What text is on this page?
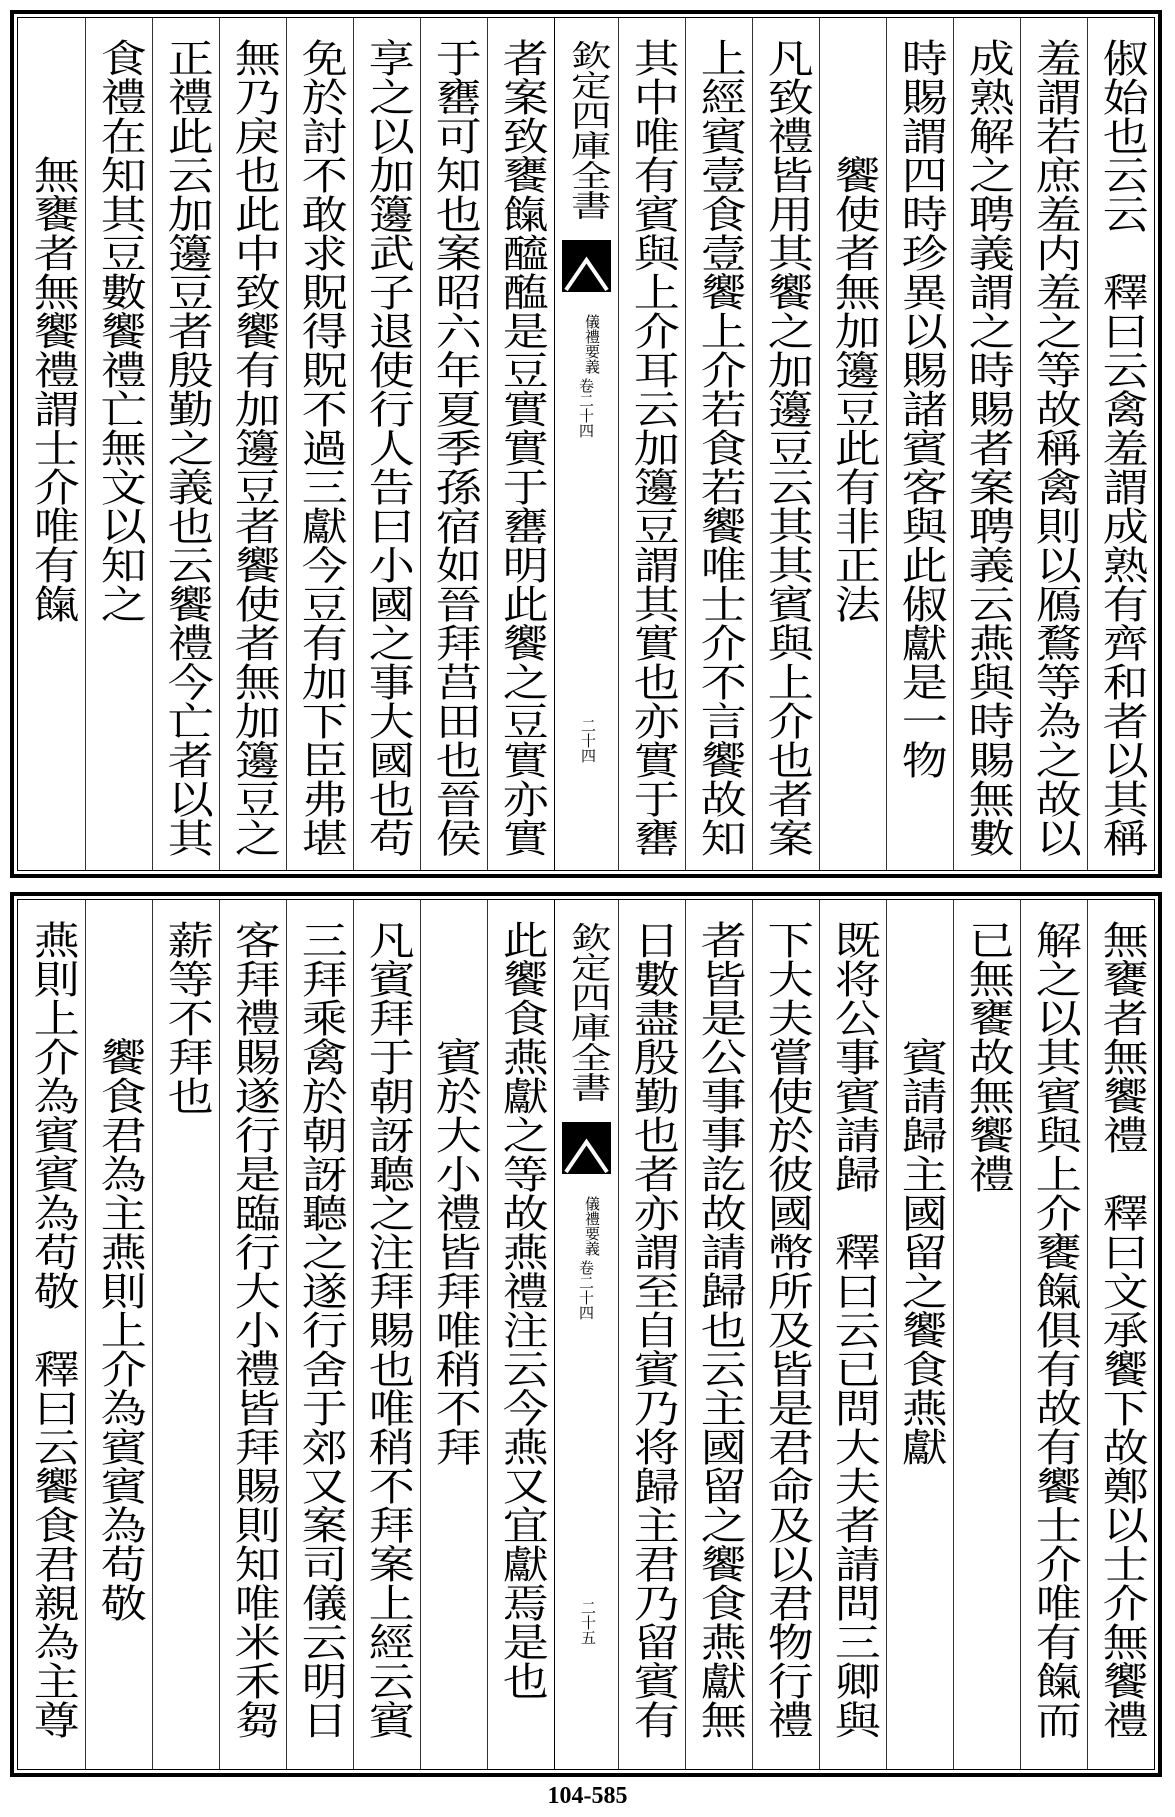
俶始也云云　釋曰云禽羞謂成熟有齊和者以其稱
羞謂若庶羞内羞之等故稱禽則以鴈鶩等為之故以
成熟解之聘義謂之時賜者案聘義云燕與時賜無數
時賜謂四時珍異以賜諸賓客與此俶獻是一物
饗使者無加籩豆此有非正法
凡致禮皆用其饗之加籩豆云其其賓與上介也者案
上經賓壹食壹饗上介若食若饗唯士介不言饗故知
其中唯有賓與上介耳云加籩豆謂其實也亦實于罋
欽定四庫全書
儀禮要義
卷二十四
二十四
者案致饔餼醯醢是豆實實于罋明此饗之豆實亦實
于罋可知也案昭六年夏季孫宿如晉拜莒田也晉侯
享之以加籩武子退使行人告曰小國之事大國也苟
免於討不敢求貺得貺不過三獻今豆有加下臣弗堪
無乃戾也此中致饗有加籩豆者饗使者無加籩豆之
正禮此云加籩豆者殷勤之義也云饗禮今亡者以其
食禮在知其豆數饗禮亡無文以知之
無饔者無饗禮謂士介唯有餼
無饔者無饗禮　釋曰文承饗下故鄭以士介無饗禮
解之以其賓與上介饔餼俱有故有饗士介唯有餼而
已無饔故無饗禮
賓請歸主國留之饗食燕獻
既将公事賓請歸　釋曰云已問大夫者請問三卿與
下大夫嘗使於彼國幣所及皆是君命及以君物行禮
者皆是公事事訖故請歸也云主國留之饗食燕獻無
日數盡殷勤也者亦謂至自賓乃将歸主君乃留賓有
欽定四庫全書
儀禮要義
卷二十四
二十五
此饗食燕獻之等故燕禮注云今燕又宜獻焉是也
賓於大小禮皆拜唯稍不拜
凡賓拜于朝訝聽之注拜賜也唯稍不拜案上經云賓
三拜乘禽於朝訝聽之遂行舍于郊又案司儀云明日
客拜禮賜遂行是臨行大小禮皆拜賜則知唯米禾芻
薪等不拜也
饗食君為主燕則上介為賓賓為苟敬
燕則上介為賓賓為苟敬　釋曰云饗食君親為主尊
104-585
